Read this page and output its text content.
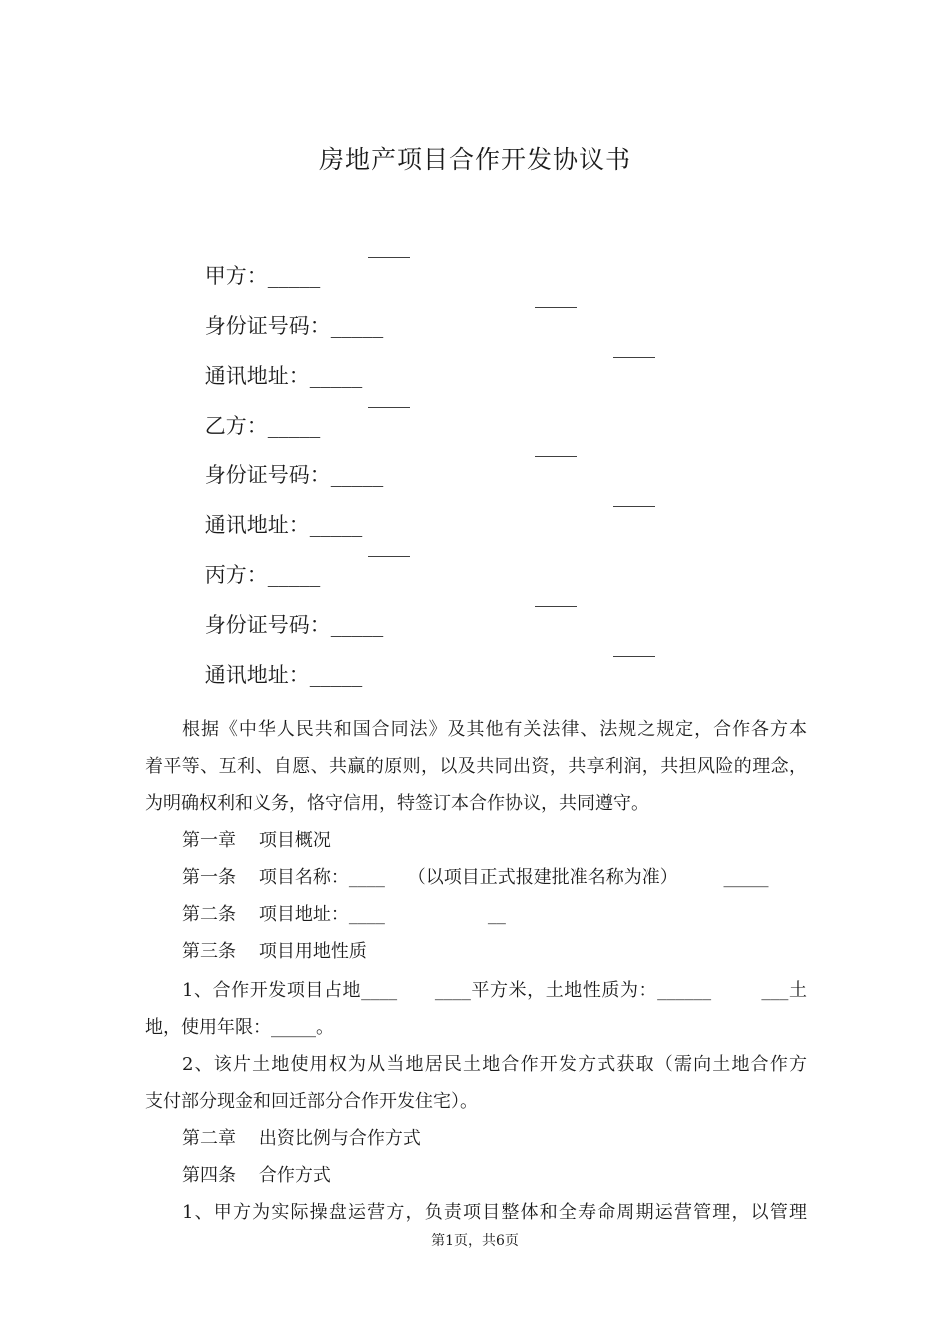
房地产项目合作开发协议书

甲方：_____

____

身份证号码：_____

____

通讯地址：_____

____

乙方：_____

____

身份证号码：_____

____

通讯地址：_____

____

丙方：_____

____

身份证号码：_____

____

通讯地址：_____

____

根据《中华人民共和国合同法》及其他有关法律、法规之规定，合作各方本
着平等、互利、自愿、共赢的原则，以及共同出资，共享利润，共担风险的理念，
为明确权利和义务，恪守信用，特签订本合作协议，共同遵守。
第一章    项目概况
第一条    项目名称：____    （以项目正式报建批准名称为准）        _____
第二条    项目地址：____                  __
第三条    项目用地性质
1、合作开发项目占地____      ____平方米，土地性质为：______        ___土
地，使用年限：_____。
2、该片土地使用权为从当地居民土地合作开发方式获取（需向土地合作方
支付部分现金和回迁部分合作开发住宅）。
第二章    出资比例与合作方式
第四条    合作方式
1、甲方为实际操盘运营方，负责项目整体和全寿命周期运营管理，以管理
第1页，共6页
